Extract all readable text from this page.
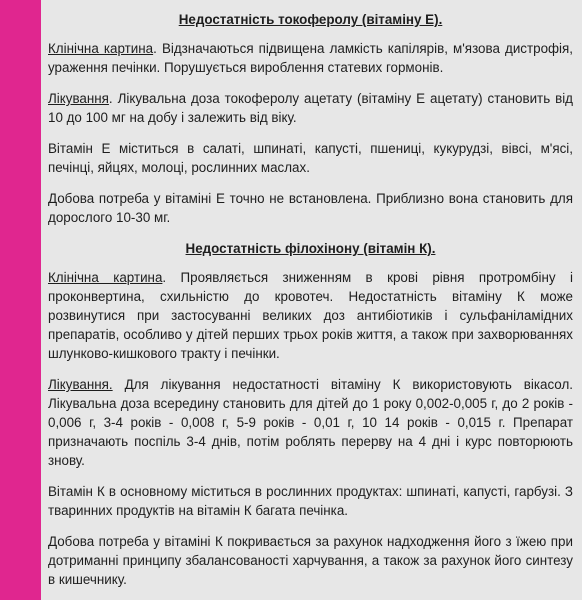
Недостатність токоферолу (вітаміну Е).

Клінічна картина. Відзначаються підвищена ламкість капілярів, м'язова дистрофія, ураження печінки. Порушується вироблення статевих гормонів.

Лікування. Лікувальна доза токоферолу ацетату (вітаміну Е ацетату) становить від 10 до 100 мг на добу і залежить від віку.

Вітамін Е міститься в салаті, шпинаті, капусті, пшениці, кукурудзі, вівсі, м'ясі, печінці, яйцях, молоці, рослинних маслах.

Добова потреба у вітаміні Е точно не встановлена. Приблизно вона становить для дорослого 10-30 мг.

Недостатність філохінону (вітамін К).

Клінічна картина. Проявляється зниженням в крові рівня протромбіну і проконвертина, схильністю до кровотеч. Недостатність вітаміну К може розвинутися при застосуванні великих доз антибіотиків і сульфаніламідних препаратів, особливо у дітей перших трьох років життя, а також при захворюваннях шлунково-кишкового тракту і печінки.

Лікування. Для лікування недостатності вітаміну К використовують вікасол. Лікувальна доза всередину становить для дітей до 1 року 0,002-0,005 г, до 2 років - 0,006 г, 3-4 років - 0,008 г, 5-9 років - 0,01 г, 10 14 років - 0,015 г. Препарат призначають поспіль 3-4 днів, потім роблять перерву на 4 дні і курс повторюють знову.

Вітамін К в основному міститься в рослинних продуктах: шпинаті, капусті, гарбузі. З тваринних продуктів на вітамін К багата печінка.

Добова потреба у вітаміні К покривається за рахунок надходження його з їжею при дотриманні принципу збалансованості харчування, а також за рахунок його синтезу в кишечнику.
